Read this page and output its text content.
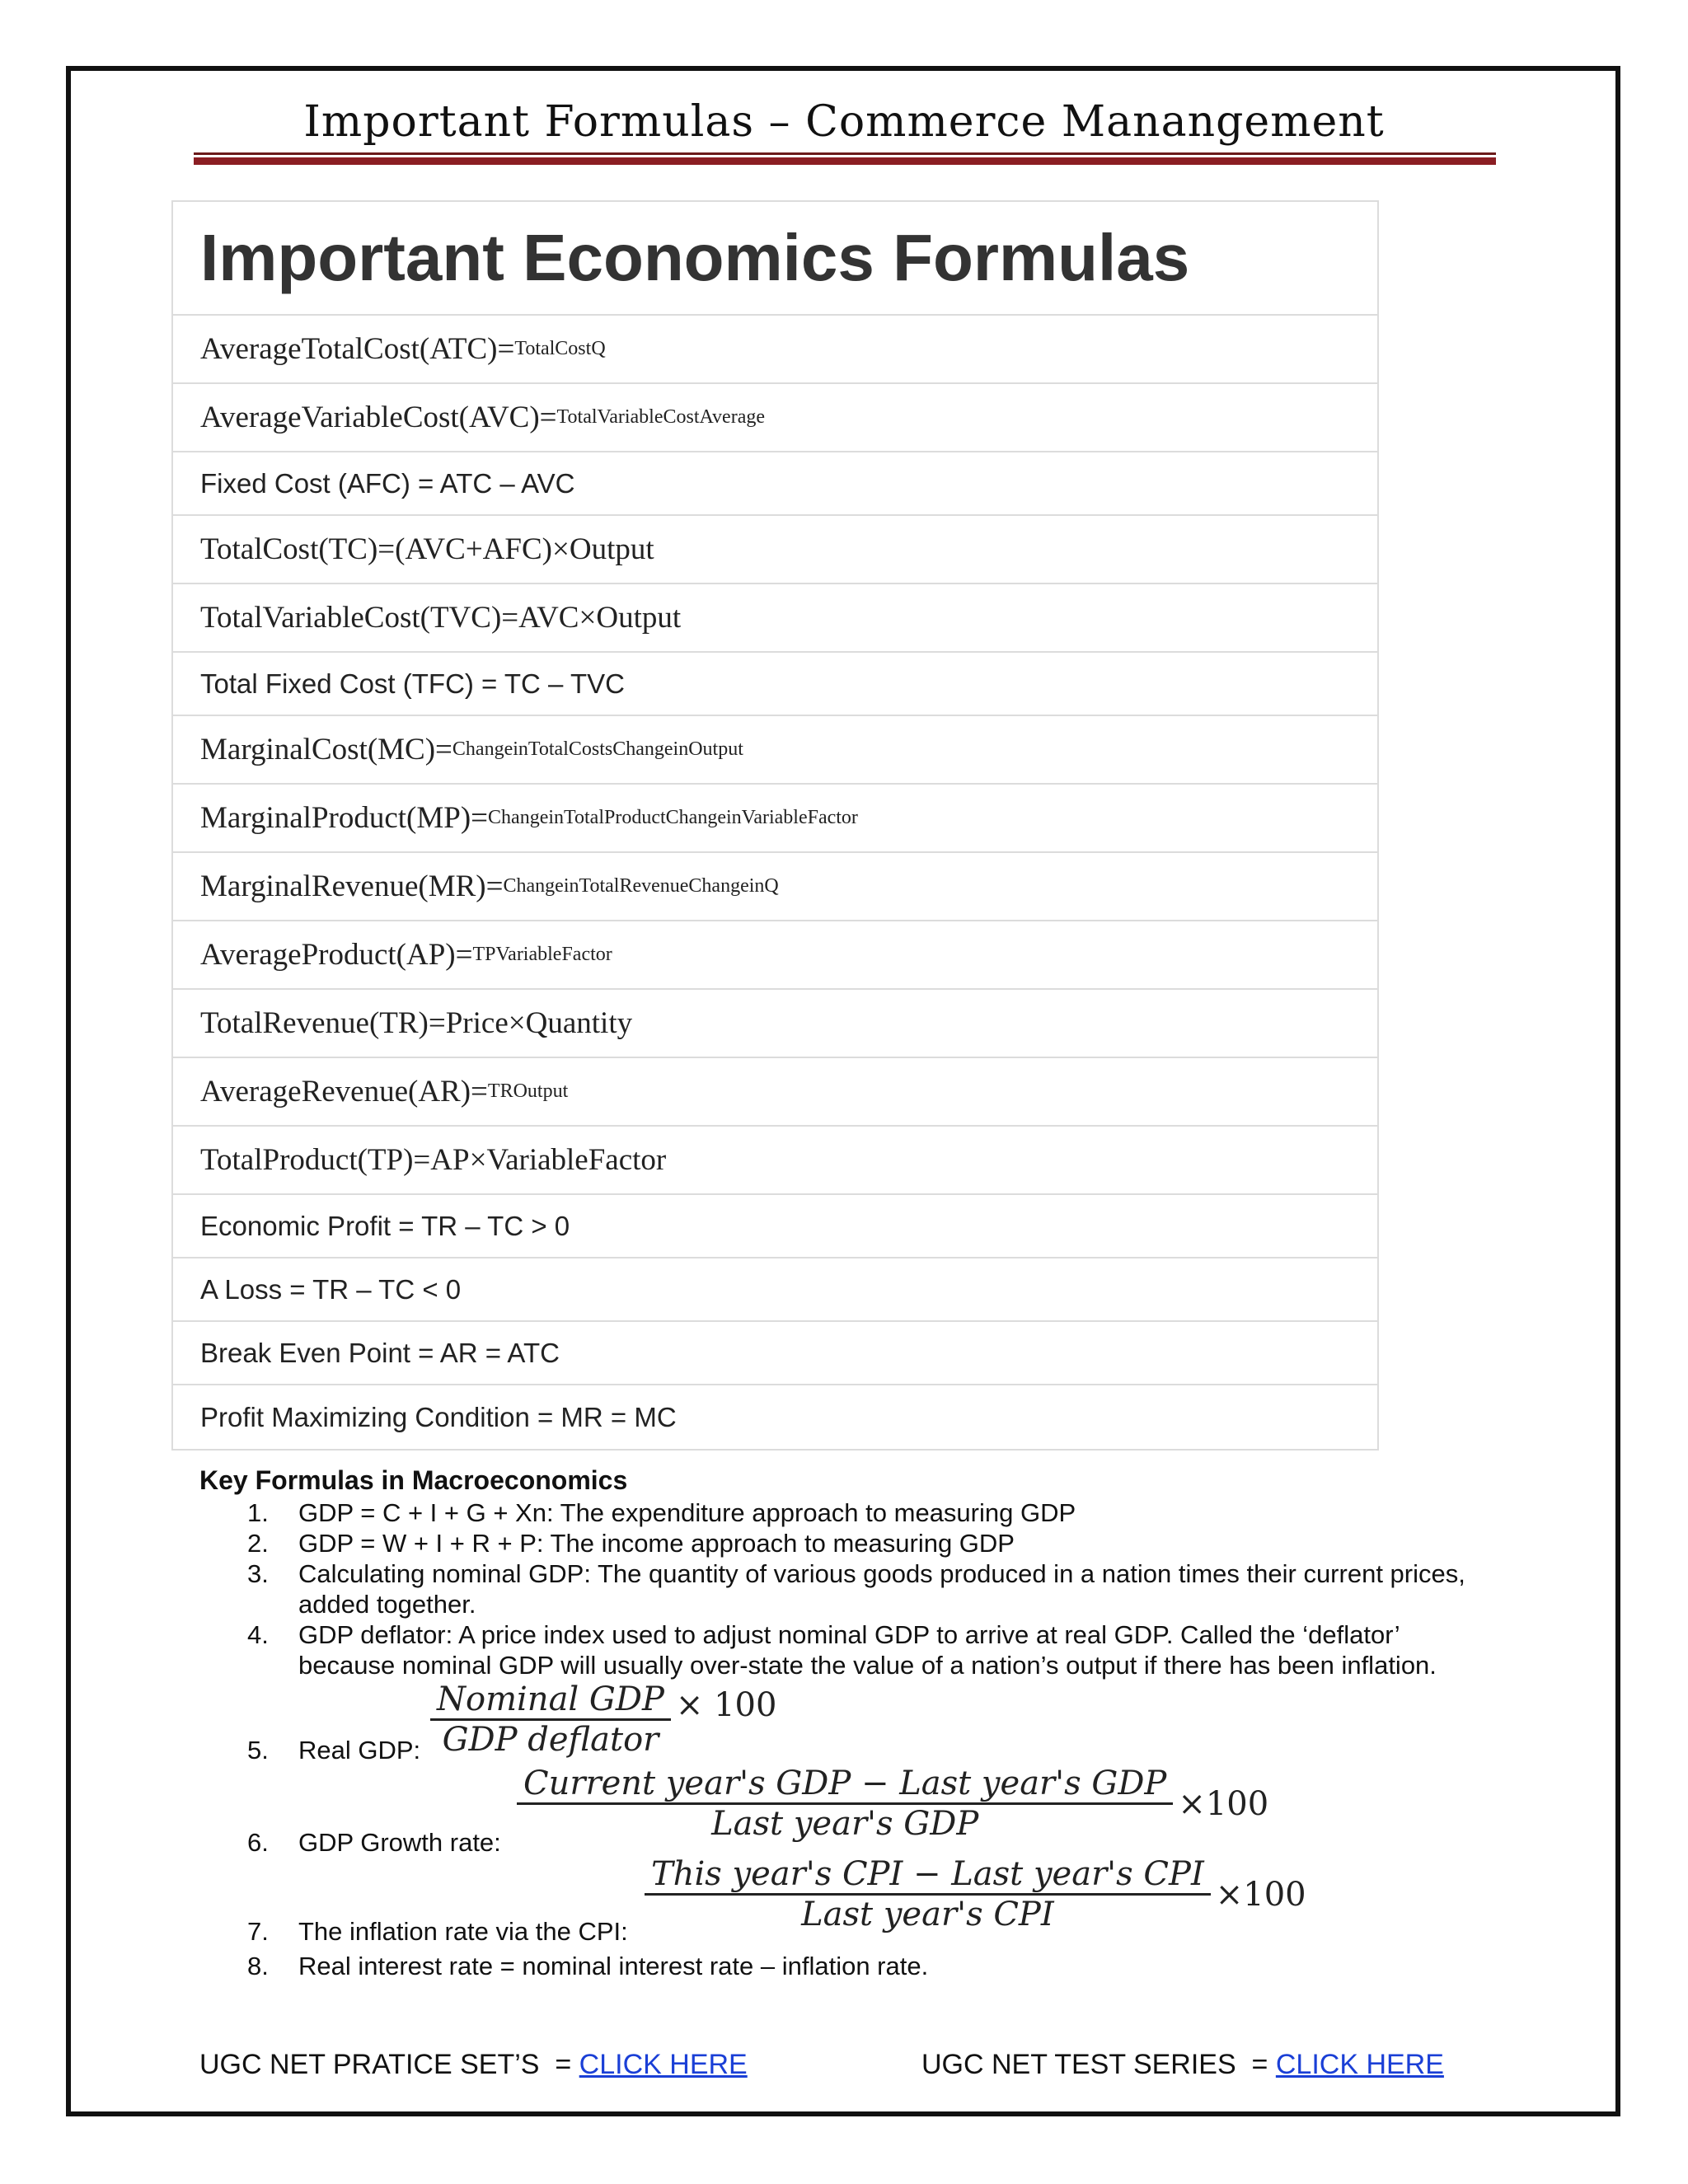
Important Formulas – Commerce Manangement
Important Economics Formulas
AverageTotalCost(ATC)= TotalCostQ
AverageVariableCost(AVC)= TotalVariableCostAverage
Fixed Cost (AFC) = ATC – AVC
TotalCost(TC)=(AVC+AFC)×Output
TotalVariableCost(TVC)=AVC×Output
Total Fixed Cost (TFC) = TC – TVC
MarginalCost(MC)= ChangeinTotalCostsChangeinOutput
MarginalProduct(MP)= ChangeinTotalProductChangeinVariableFactor
MarginalRevenue(MR)= ChangeinTotalRevenueChangeinQ
AverageProduct(AP)= TPVariableFactor
TotalRevenue(TR)=Price×Quantity
AverageRevenue(AR)= TROutput
TotalProduct(TP)=AP×VariableFactor
Economic Profit = TR – TC > 0
A Loss = TR – TC < 0
Break Even Point = AR = ATC
Profit Maximizing Condition = MR = MC
Key Formulas in Macroeconomics
1. GDP = C + I + G + Xn: The expenditure approach to measuring GDP
2. GDP = W + I + R + P: The income approach to measuring GDP
3. Calculating nominal GDP: The quantity of various goods produced in a nation times their current prices, added together.
4. GDP deflator: A price index used to adjust nominal GDP to arrive at real GDP. Called the ‘deflator’ because nominal GDP will usually over-state the value of a nation’s output if there has been inflation.
$\frac{\text{Nominal GDP}}{\text{GDP deflator}} \times 100$
5. Real GDP:
$\frac{\text{Current year's GDP − Last year's GDP}}{\text{Last year's GDP}} \times 100$
6. GDP Growth rate:
$\frac{\text{This year's CPI − Last year's CPI}}{\text{Last year's CPI}} \times 100$
7. The inflation rate via the CPI:
8. Real interest rate = nominal interest rate – inflation rate.
UGC NET PRATICE SET’S  = CLICK HERE	UGC NET TEST SERIES  = CLICK HERE
